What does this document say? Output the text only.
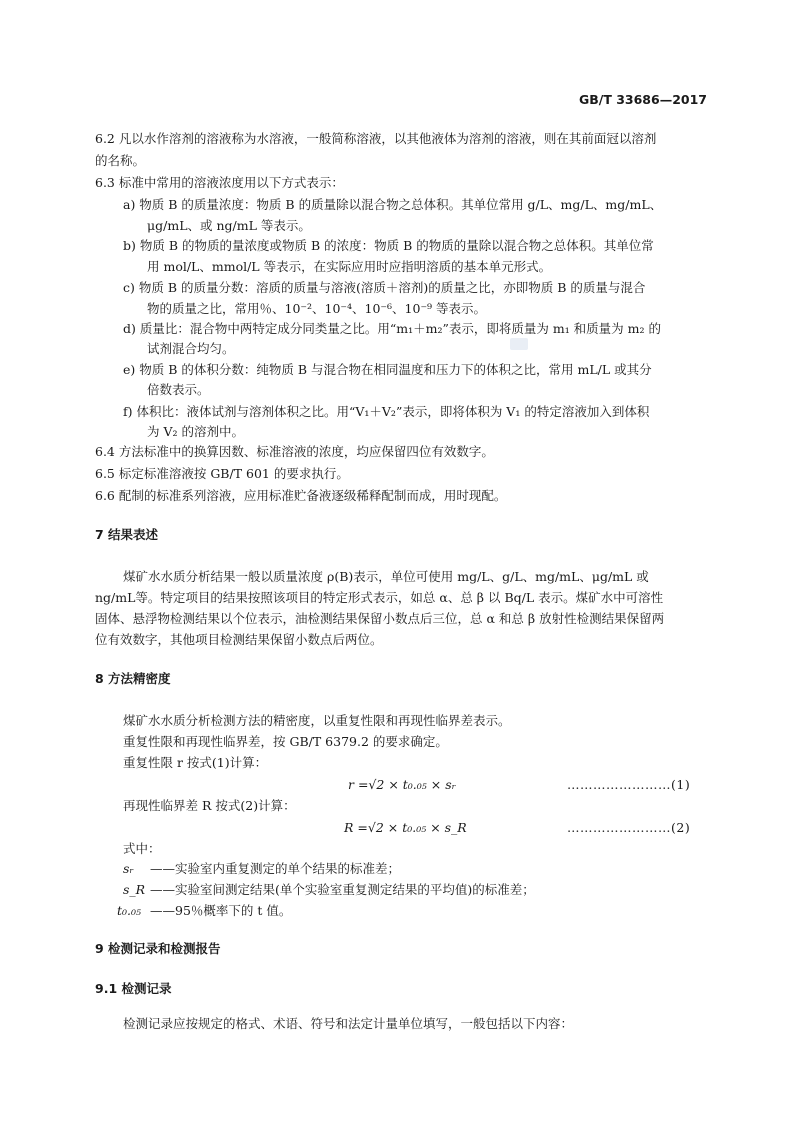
GB/T 33686—2017
6.2 凡以水作溶剂的溶液称为水溶液，一般简称溶液，以其他液体为溶剂的溶液，则在其前面冠以溶剂
的名称。
6.3 标准中常用的溶液浓度用以下方式表示：
a) 物质 B 的质量浓度：物质 B 的质量除以混合物之总体积。其单位常用 g/L、mg/L、mg/mL、
μg/mL、或 ng/mL 等表示。
b) 物质 B 的物质的量浓度或物质 B 的浓度：物质 B 的物质的量除以混合物之总体积。其单位常
用 mol/L、mmol/L 等表示，在实际应用时应指明溶质的基本单元形式。
c) 物质 B 的质量分数：溶质的质量与溶液(溶质＋溶剂)的质量之比，亦即物质 B 的质量与混合
物的质量之比，常用％、10⁻²、10⁻⁴、10⁻⁶、10⁻⁹ 等表示。
d) 质量比：混合物中两特定成分同类量之比。用“m₁＋m₂”表示，即将质量为 m₁ 和质量为 m₂ 的
试剂混合均匀。
e) 物质 B 的体积分数：纯物质 B 与混合物在相同温度和压力下的体积之比，常用 mL/L 或其分
倍数表示。
f) 体积比：液体试剂与溶剂体积之比。用“V₁＋V₂”表示，即将体积为 V₁ 的特定溶液加入到体积
为 V₂ 的溶剂中。
6.4 方法标准中的换算因数、标准溶液的浓度，均应保留四位有效数字。
6.5 标定标准溶液按 GB/T 601 的要求执行。
6.6 配制的标准系列溶液，应用标准贮备液逐级稀释配制而成，用时现配。
7 结果表述
煤矿水水质分析结果一般以质量浓度 ρ(B)表示，单位可使用 mg/L、g/L、mg/mL、μg/mL 或
ng/mL等。特定项目的结果按照该项目的特定形式表示，如总 α、总 β 以 Bq/L 表示。煤矿水中可溶性
固体、悬浮物检测结果以个位表示，油检测结果保留小数点后三位，总 α 和总 β 放射性检测结果保留两
位有效数字，其他项目检测结果保留小数点后两位。
8 方法精密度
煤矿水水质分析检测方法的精密度，以重复性限和再现性临界差表示。
重复性限和再现性临界差，按 GB/T 6379.2 的要求确定。
重复性限 r 按式(1)计算：
r =√2 × t₀.₀₅ × sᵣ	……………………(1)
再现性临界差 R 按式(2)计算：
R =√2 × t₀.₀₅ × s_R	……………………(2)
式中：
sᵣ ——实验室内重复测定的单个结果的标准差；
s_R ——实验室间测定结果(单个实验室重复测定结果的平均值)的标准差；
t₀.₀₅ ——95％概率下的 t 值。
9 检测记录和检测报告
9.1 检测记录
检测记录应按规定的格式、术语、符号和法定计量单位填写，一般包括以下内容：
